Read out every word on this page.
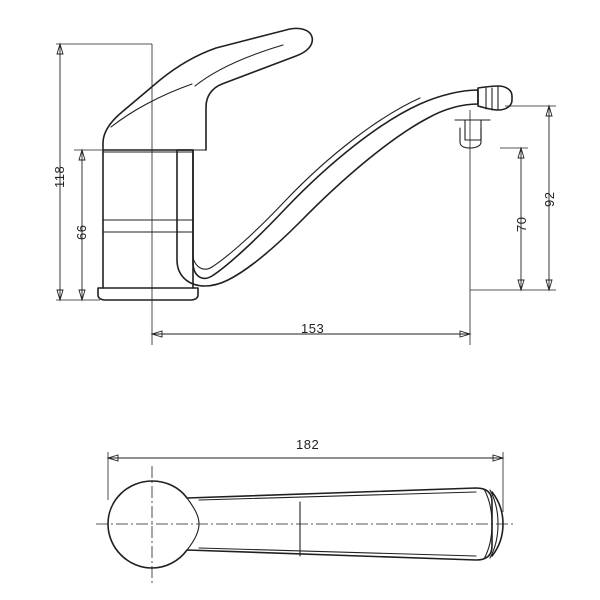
118
66
153
70
92
182
